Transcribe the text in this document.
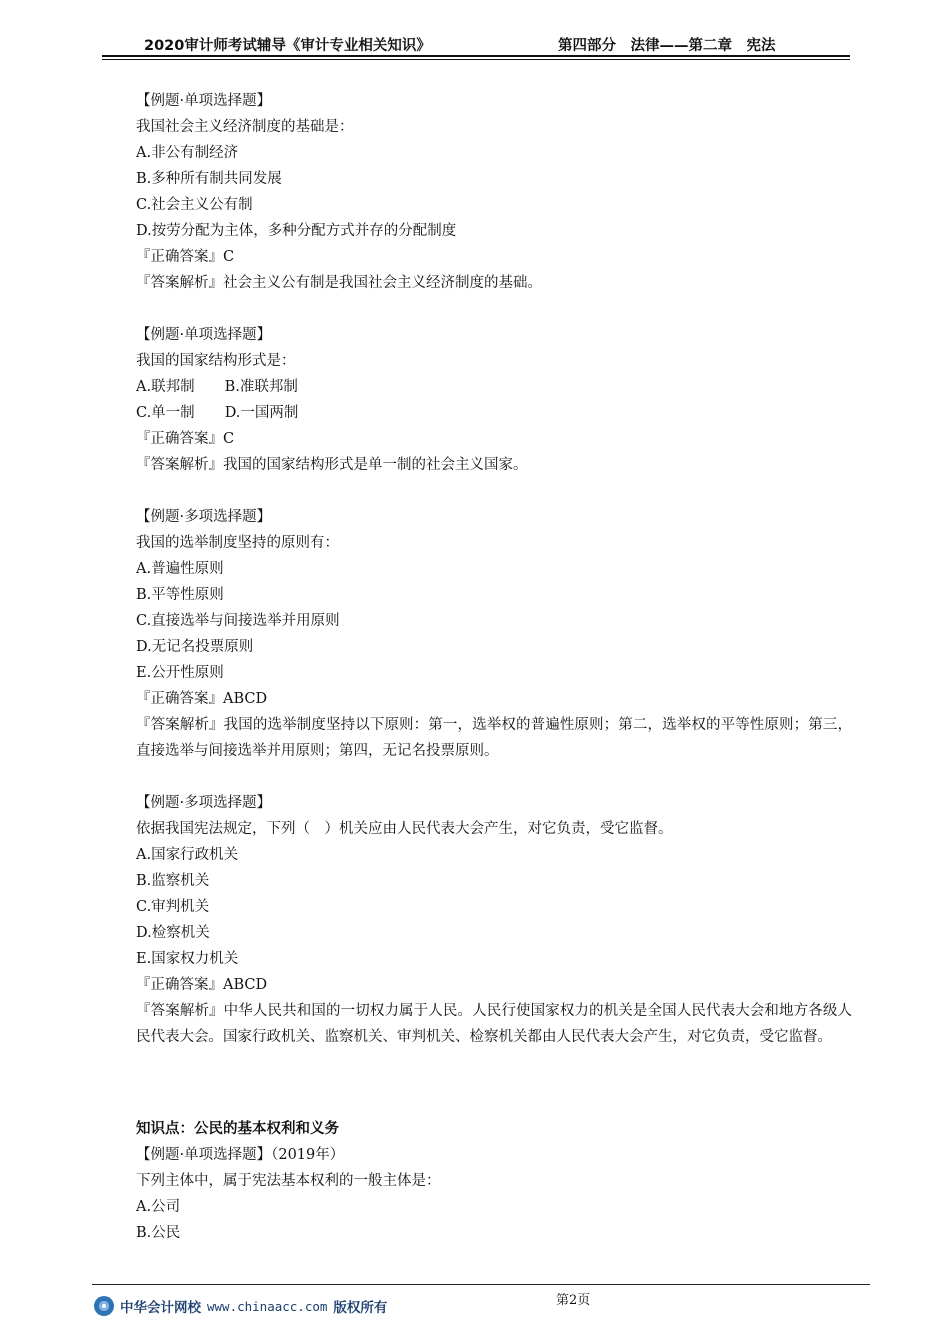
2020审计师考试辅导《审计专业相关知识》	第四部分　法律——第二章　宪法
【例题·单项选择题】
我国社会主义经济制度的基础是：
A.非公有制经济
B.多种所有制共同发展
C.社会主义公有制
D.按劳分配为主体，多种分配方式并存的分配制度
『正确答案』C
『答案解析』社会主义公有制是我国社会主义经济制度的基础。
【例题·单项选择题】
我国的国家结构形式是：
A.联邦制 B.准联邦制
C.单一制 D.一国两制
『正确答案』C
『答案解析』我国的国家结构形式是单一制的社会主义国家。
【例题·多项选择题】
我国的选举制度坚持的原则有：
A.普遍性原则
B.平等性原则
C.直接选举与间接选举并用原则
D.无记名投票原则
E.公开性原则
『正确答案』ABCD
『答案解析』我国的选举制度坚持以下原则：第一，选举权的普遍性原则；第二，选举权的平等性原则；第三，直接选举与间接选举并用原则；第四，无记名投票原则。
【例题·多项选择题】
依据我国宪法规定，下列（　）机关应由人民代表大会产生，对它负责，受它监督。
A.国家行政机关
B.监察机关
C.审判机关
D.检察机关
E.国家权力机关
『正确答案』ABCD
『答案解析』中华人民共和国的一切权力属于人民。人民行使国家权力的机关是全国人民代表大会和地方各级人民代表大会。国家行政机关、监察机关、审判机关、检察机关都由人民代表大会产生，对它负责，受它监督。
知识点：公民的基本权利和义务
【例题·单项选择题】（2019年）
下列主体中，属于宪法基本权利的一般主体是：
A.公司
B.公民
第2页
中华会计网校 www.chinaacc.com 版权所有
